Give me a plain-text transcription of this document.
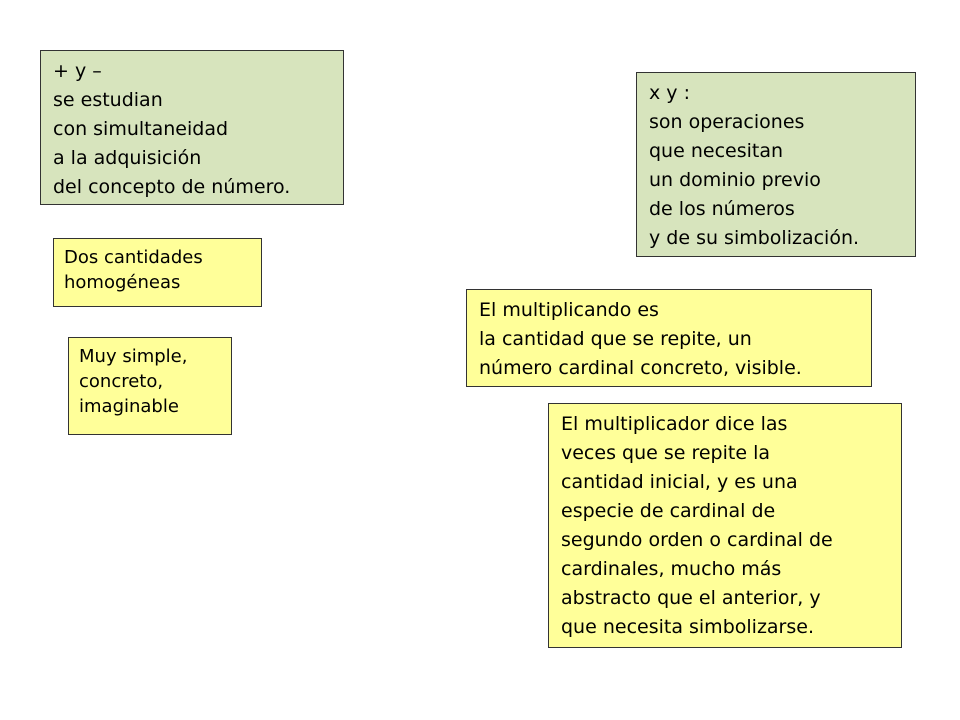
+ y –
se estudian
con simultaneidad
a la adquisición
del concepto de número.
x y :
son operaciones
que necesitan
un dominio previo
de los números
y de su simbolización.
Dos cantidades
homogéneas
Muy simple,
concreto,
imaginable
El multiplicando es
la cantidad que se repite, un
número cardinal concreto, visible.
El multiplicador dice las
veces que se repite la
cantidad inicial, y es una
especie de cardinal de
segundo orden o cardinal de
cardinales, mucho más
abstracto que el anterior, y
que necesita simbolizarse.
